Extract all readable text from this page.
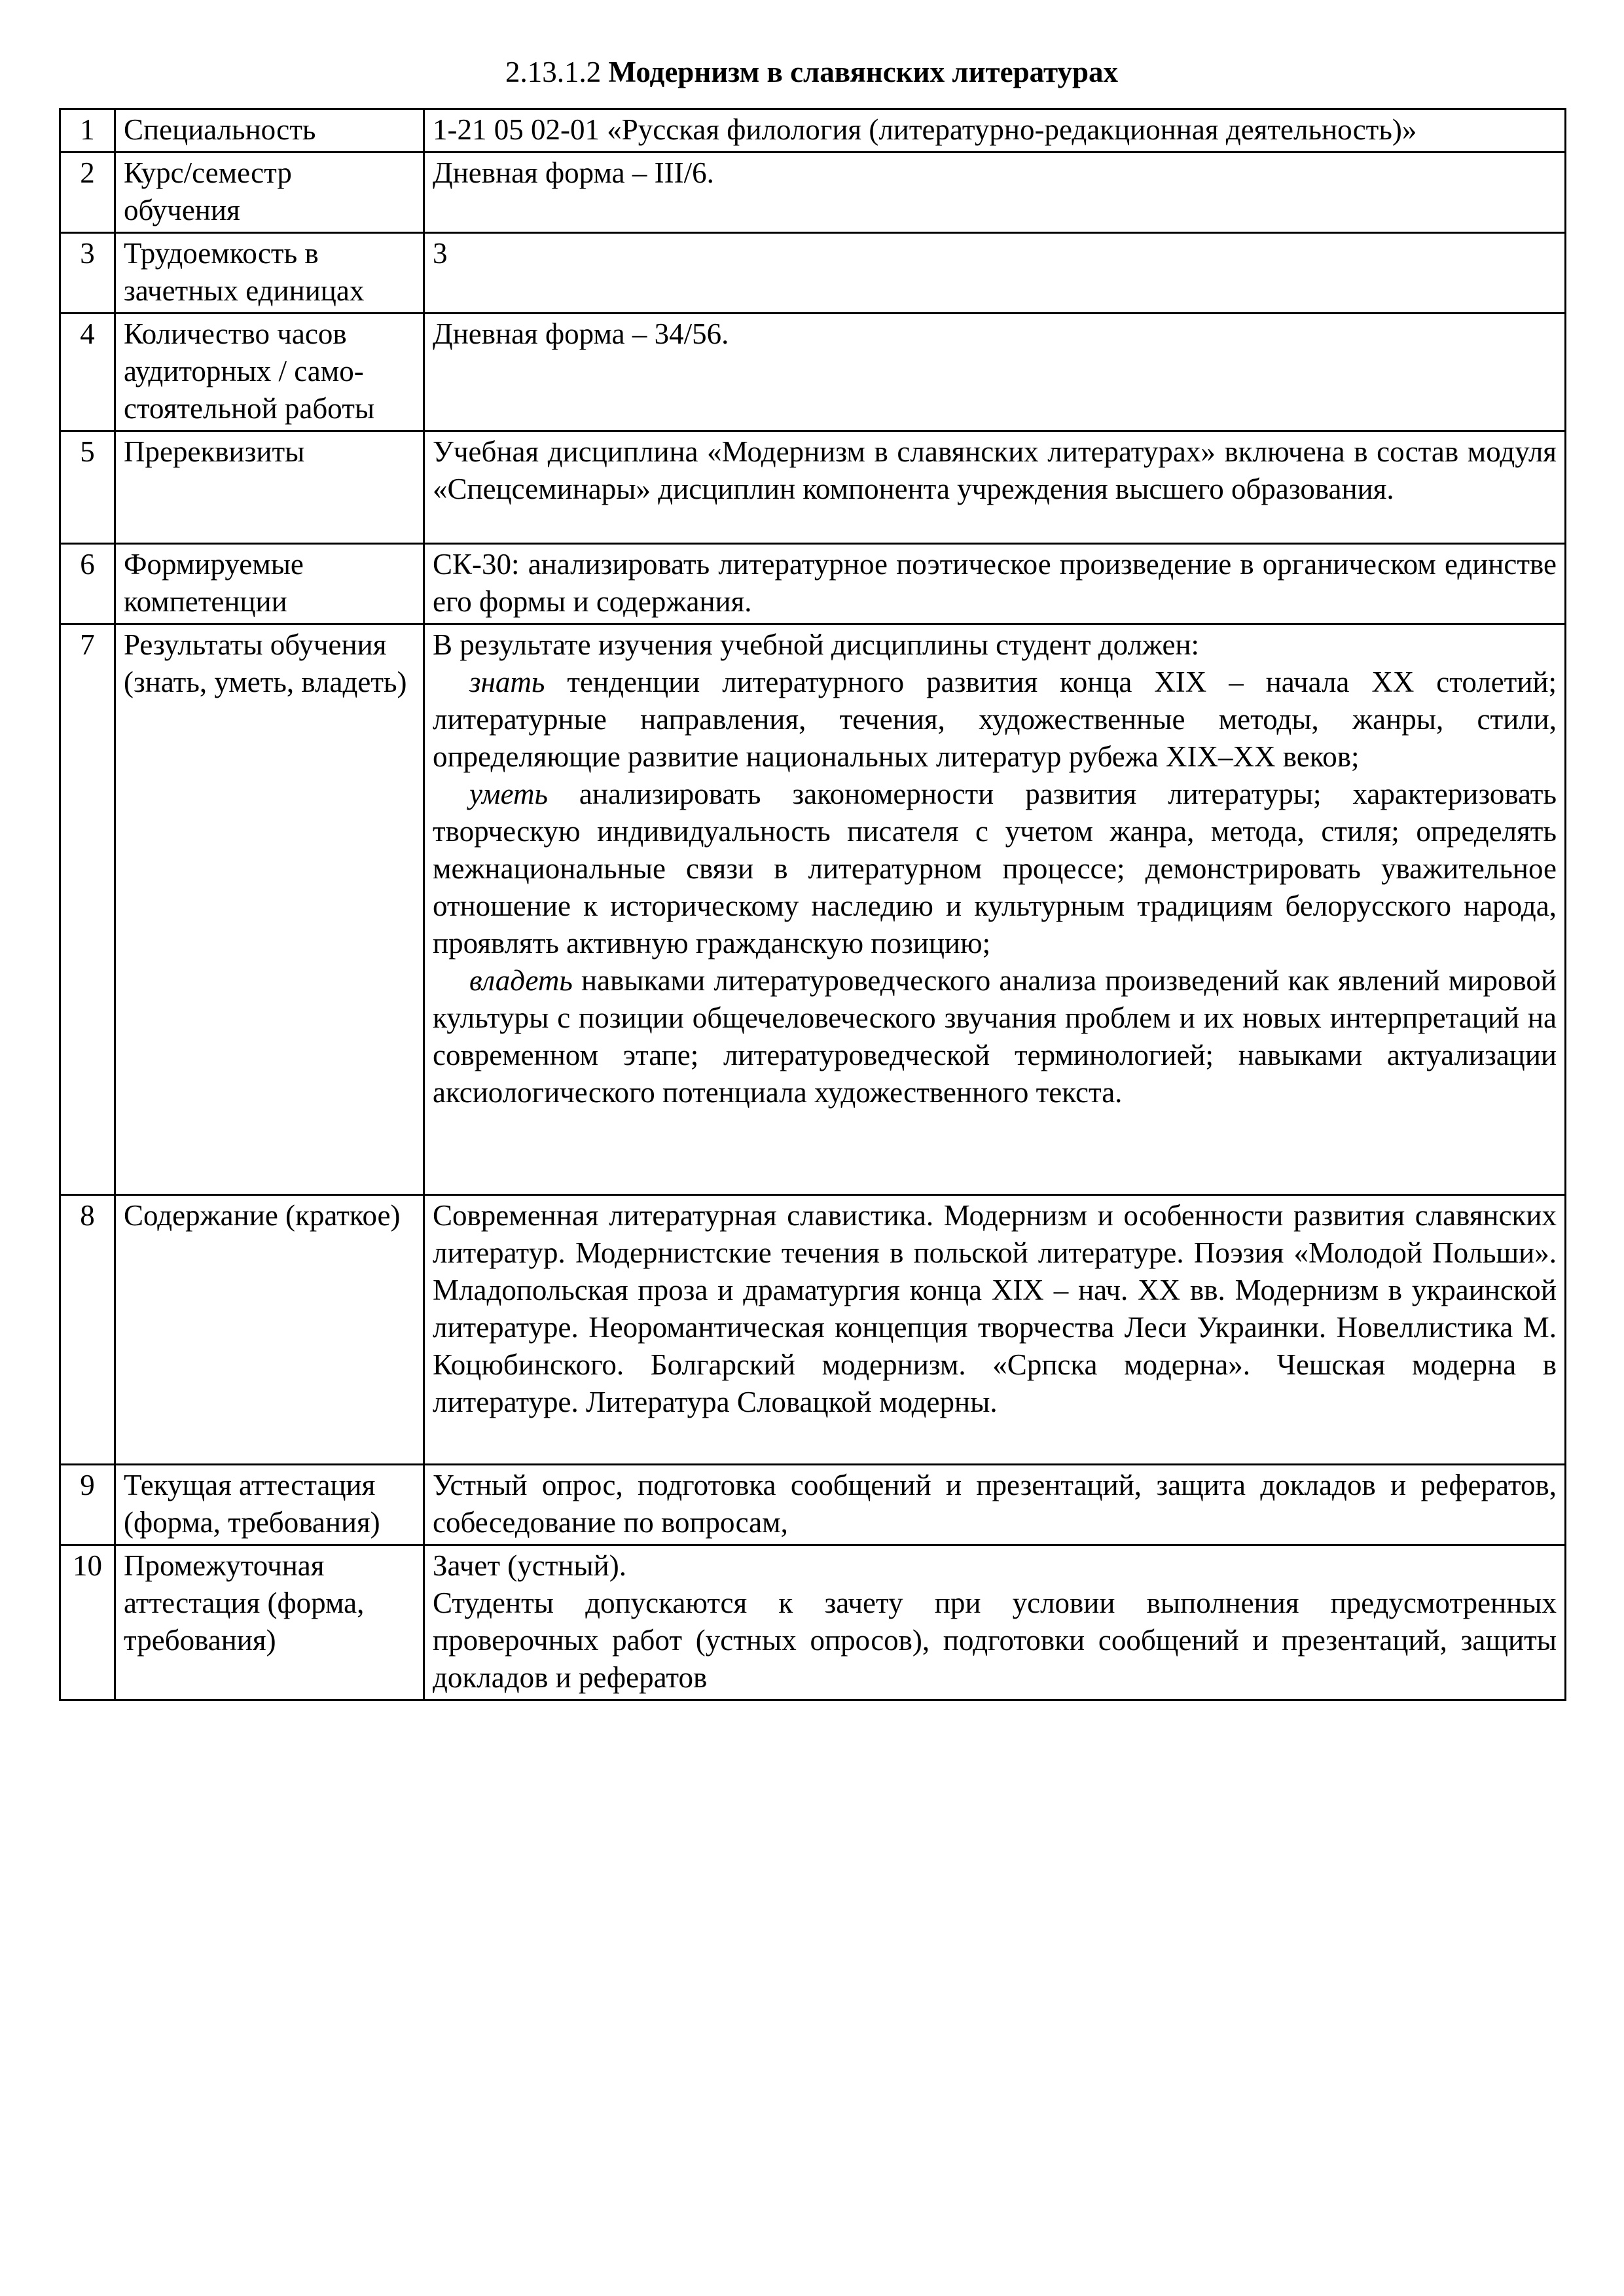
2.13.1.2 Модернизм в славянских литературах
1	Специальность	1-21 05 02-01 «Русская филология (литературно-редакционная деятельность)»
2	Курс/семестр обучения	Дневная форма – III/6.
3	Трудоемкость в зачетных единицах	3
4	Количество часов аудиторных / само-стоятельной работы	Дневная форма – 34/56.
5	Пререквизиты	Учебная дисциплина «Модернизм в славянских литературах» включена в состав модуля «Спецсеминары» дисциплин компонента учреждения высшего образования.
6	Формируемые компетенции	СК-30: анализировать литературное поэтическое произведение в органическом единстве его формы и содержания.
7	Результаты обучения (знать, уметь, владеть)	В результате изучения учебной дисциплины студент должен:

знать тенденции литературного развития конца XIX – начала XX столетий; литературные направления, течения, художественные методы, жанры, стили, определяющие развитие национальных литератур рубежа XIX–XX веков;

уметь анализировать закономерности развития литературы; характеризовать творческую индивидуальность писателя с учетом жанра, метода, стиля; определять межнациональные связи в литературном процессе; демонстрировать уважительное отношение к историческому наследию и культурным традициям белорусского народа, проявлять активную гражданскую позицию;

владеть навыками литературоведческого анализа произведений как явлений мировой культуры с позиции общечеловеческого звучания проблем и их новых интерпретаций на современном этапе; литературоведческой терминологией; навыками актуализации аксиологического потенциала художественного текста.

8	Содержание (краткое)	Современная литературная славистика. Модернизм и особенности развития славянских литератур. Модернистские течения в польской литературе. Поэзия «Молодой Польши». Младопольская проза и драматургия конца XIX – нач. XX вв. Модернизм в украинской литературе. Неоромантическая концепция творчества Леси Украинки. Новеллистика М. Коцюбинского. Болгарский модернизм. «Српска модерна». Чешская модерна в литературе. Литература Словацкой модерны.
9	Текущая аттестация (форма, требования)	Устный опрос, подготовка сообщений и презентаций, защита докладов и рефератов, собеседование по вопросам,
10	Промежуточная аттестация (форма, требования)	Зачет (устный).

Студенты допускаются к зачету при условии выполнения предусмотренных проверочных работ (устных опросов), подготовки сообщений и презентаций, защиты докладов и рефератов
